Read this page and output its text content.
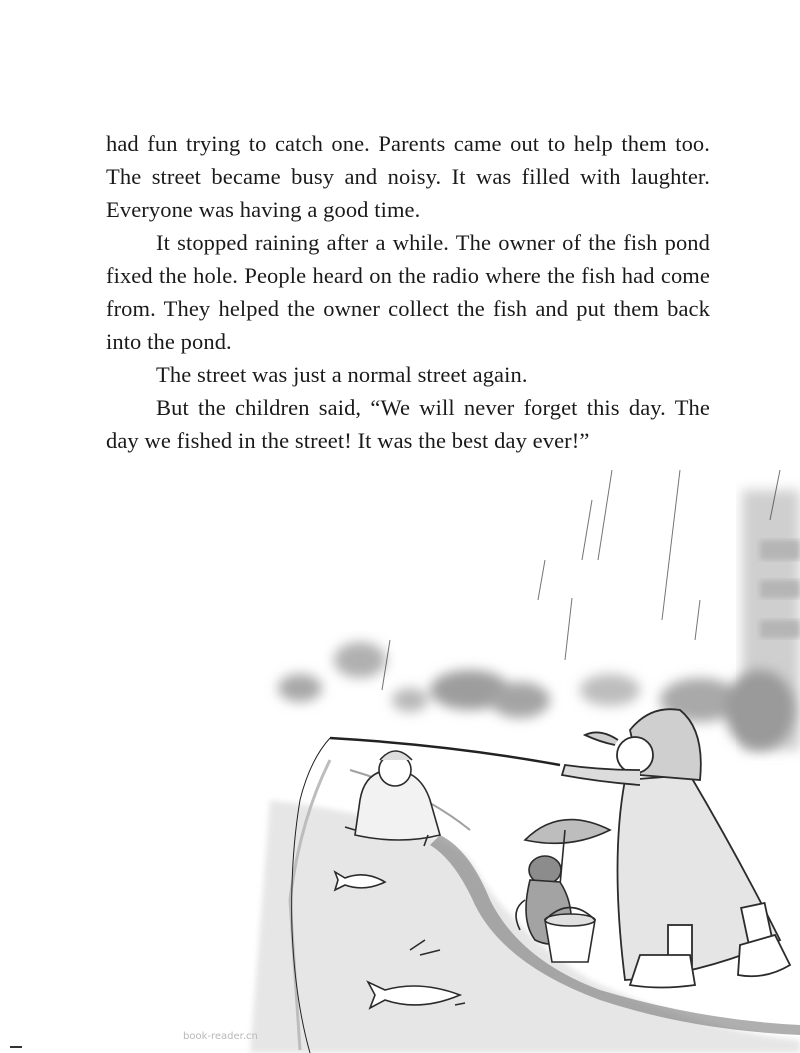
had fun trying to catch one. Parents came out to help them too. The street became busy and noisy. It was filled with laughter. Everyone was having a good time.

It stopped raining after a while. The owner of the fish pond fixed the hole. People heard on the radio where the fish had come from. They helped the owner collect the fish and put them back into the pond.

The street was just a normal street again.

But the children said, “We will never forget this day. The day we fished in the street! It was the best day ever!”

book-reader.cn
